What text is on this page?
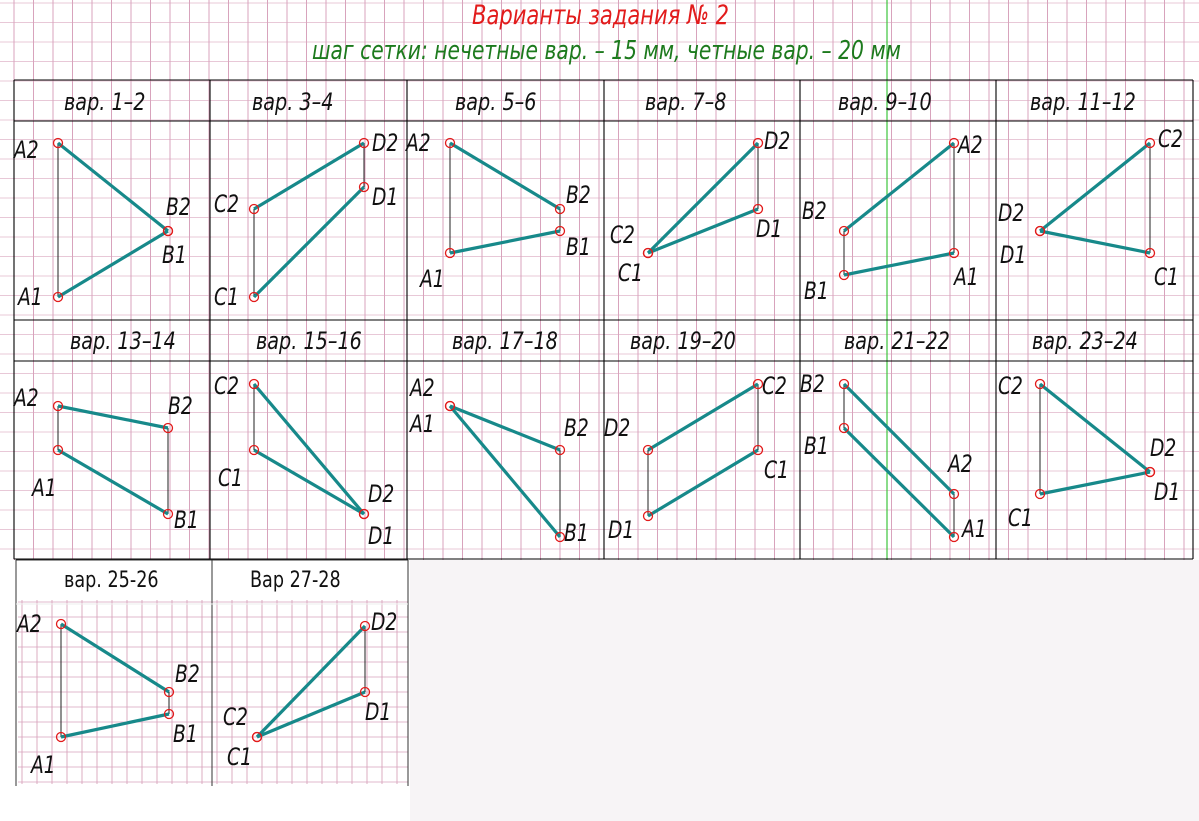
вар. 1–2
A2
B2
A1
B1
вар. 3–4
C2
D2
C1
D1
вар. 5–6
A2
B2
A1
B1
вар. 7–8
C2
D2
C1
D1
вар. 9–10
B2
A2
B1
A1
вар. 11–12
D2
C2
D1
C1
вар. 13–14
A2	B2
A1
B1
вар. 15–16
C2
D2
C1
D1
вар. 17–18
A2
B2
A1
B1
вар. 19–20
D2
C2
D1
C1
вар. 21–22
B2
A2
B1
A1
вар. 23–24
C2
D2
C1
D1
вар. 25-26
A2
B2
A1
B1
Вар 27-28
C2
D2
C1
D1
Варианты задания № 2
шаг сетки: нечетные вар. – 15 мм, четные вар. – 20 мм
